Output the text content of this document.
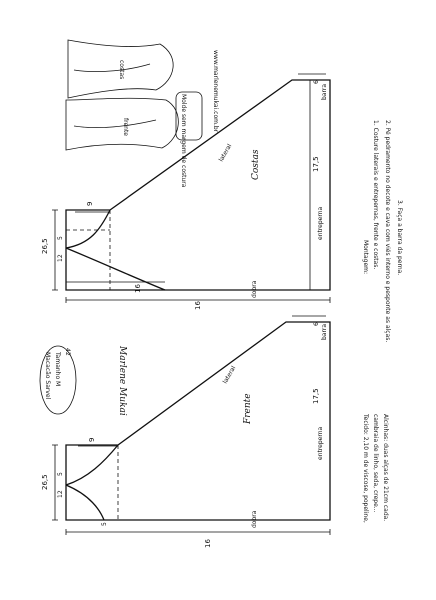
26,5
12
5
9
16
16
17,5
6
Costas
lateral
entreperna
dobra
barra
26,5
12
5
9
5
16
17,5
6
Frente
lateral
entreperna
dobra
barra
costas
frente	Molde sem margem de costura
www.marlenemukai.com.br
Macacão Sarvel Tamanho M
42	Marlene Mukai
Montagem: 1. Costure laterais e entrepernas, frente e costas. 2. Pé pedramento no decote e cava com viés interno e pesponte as alças. 3. Faça a barra da perna.
Tecido: 2,10 m de viscose, popeline, cambraia de linho, seda, crepe... Alcinhas: duas alças de 21cm cada.
